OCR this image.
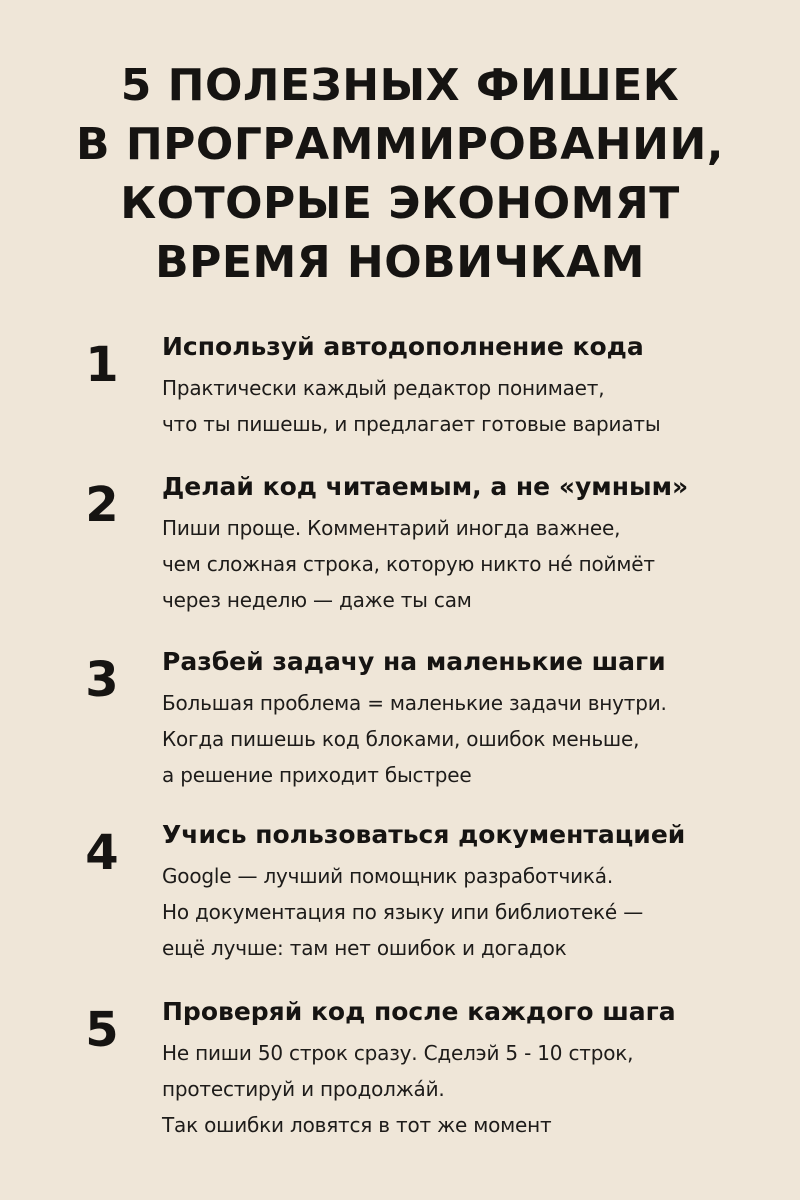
5 ПОЛЕЗНЫХ ФИШЕК
В ПРОГРАММИРОВАНИИ,
КОТОРЫЕ ЭКОНОМЯТ
ВРЕМЯ НОВИЧКАМ
1 Используй автодополнение кода
Практически каждый редактор понимает,
что ты пишешь, и предлагает готовые вариаты
2 Делай код читаемым, а не «умным»
Пиши проще. Комментарий иногда важнее,
чем сложная строка, которую никто не́ поймёт
через неделю — даже ты сам
3 Разбей задачу на маленькие шаги
Большая проблема = маленькие задачи внутри.
Когда пишешь код блоками, ошибок меньше,
а решение приходит быстрее
4 Учись пользоваться документацией
Google — лучший помощник разработчика́.
Но документация по языку ипи библиотеке́ —
ещё лучше: там нет ошибок и догадок
5 Проверяй код после каждого шага
Не пиши 50 строк сразу. Сделэй 5 - 10 строк,
протестируй и продолжа́й.
Так ошибки ловятся в тот же момент
